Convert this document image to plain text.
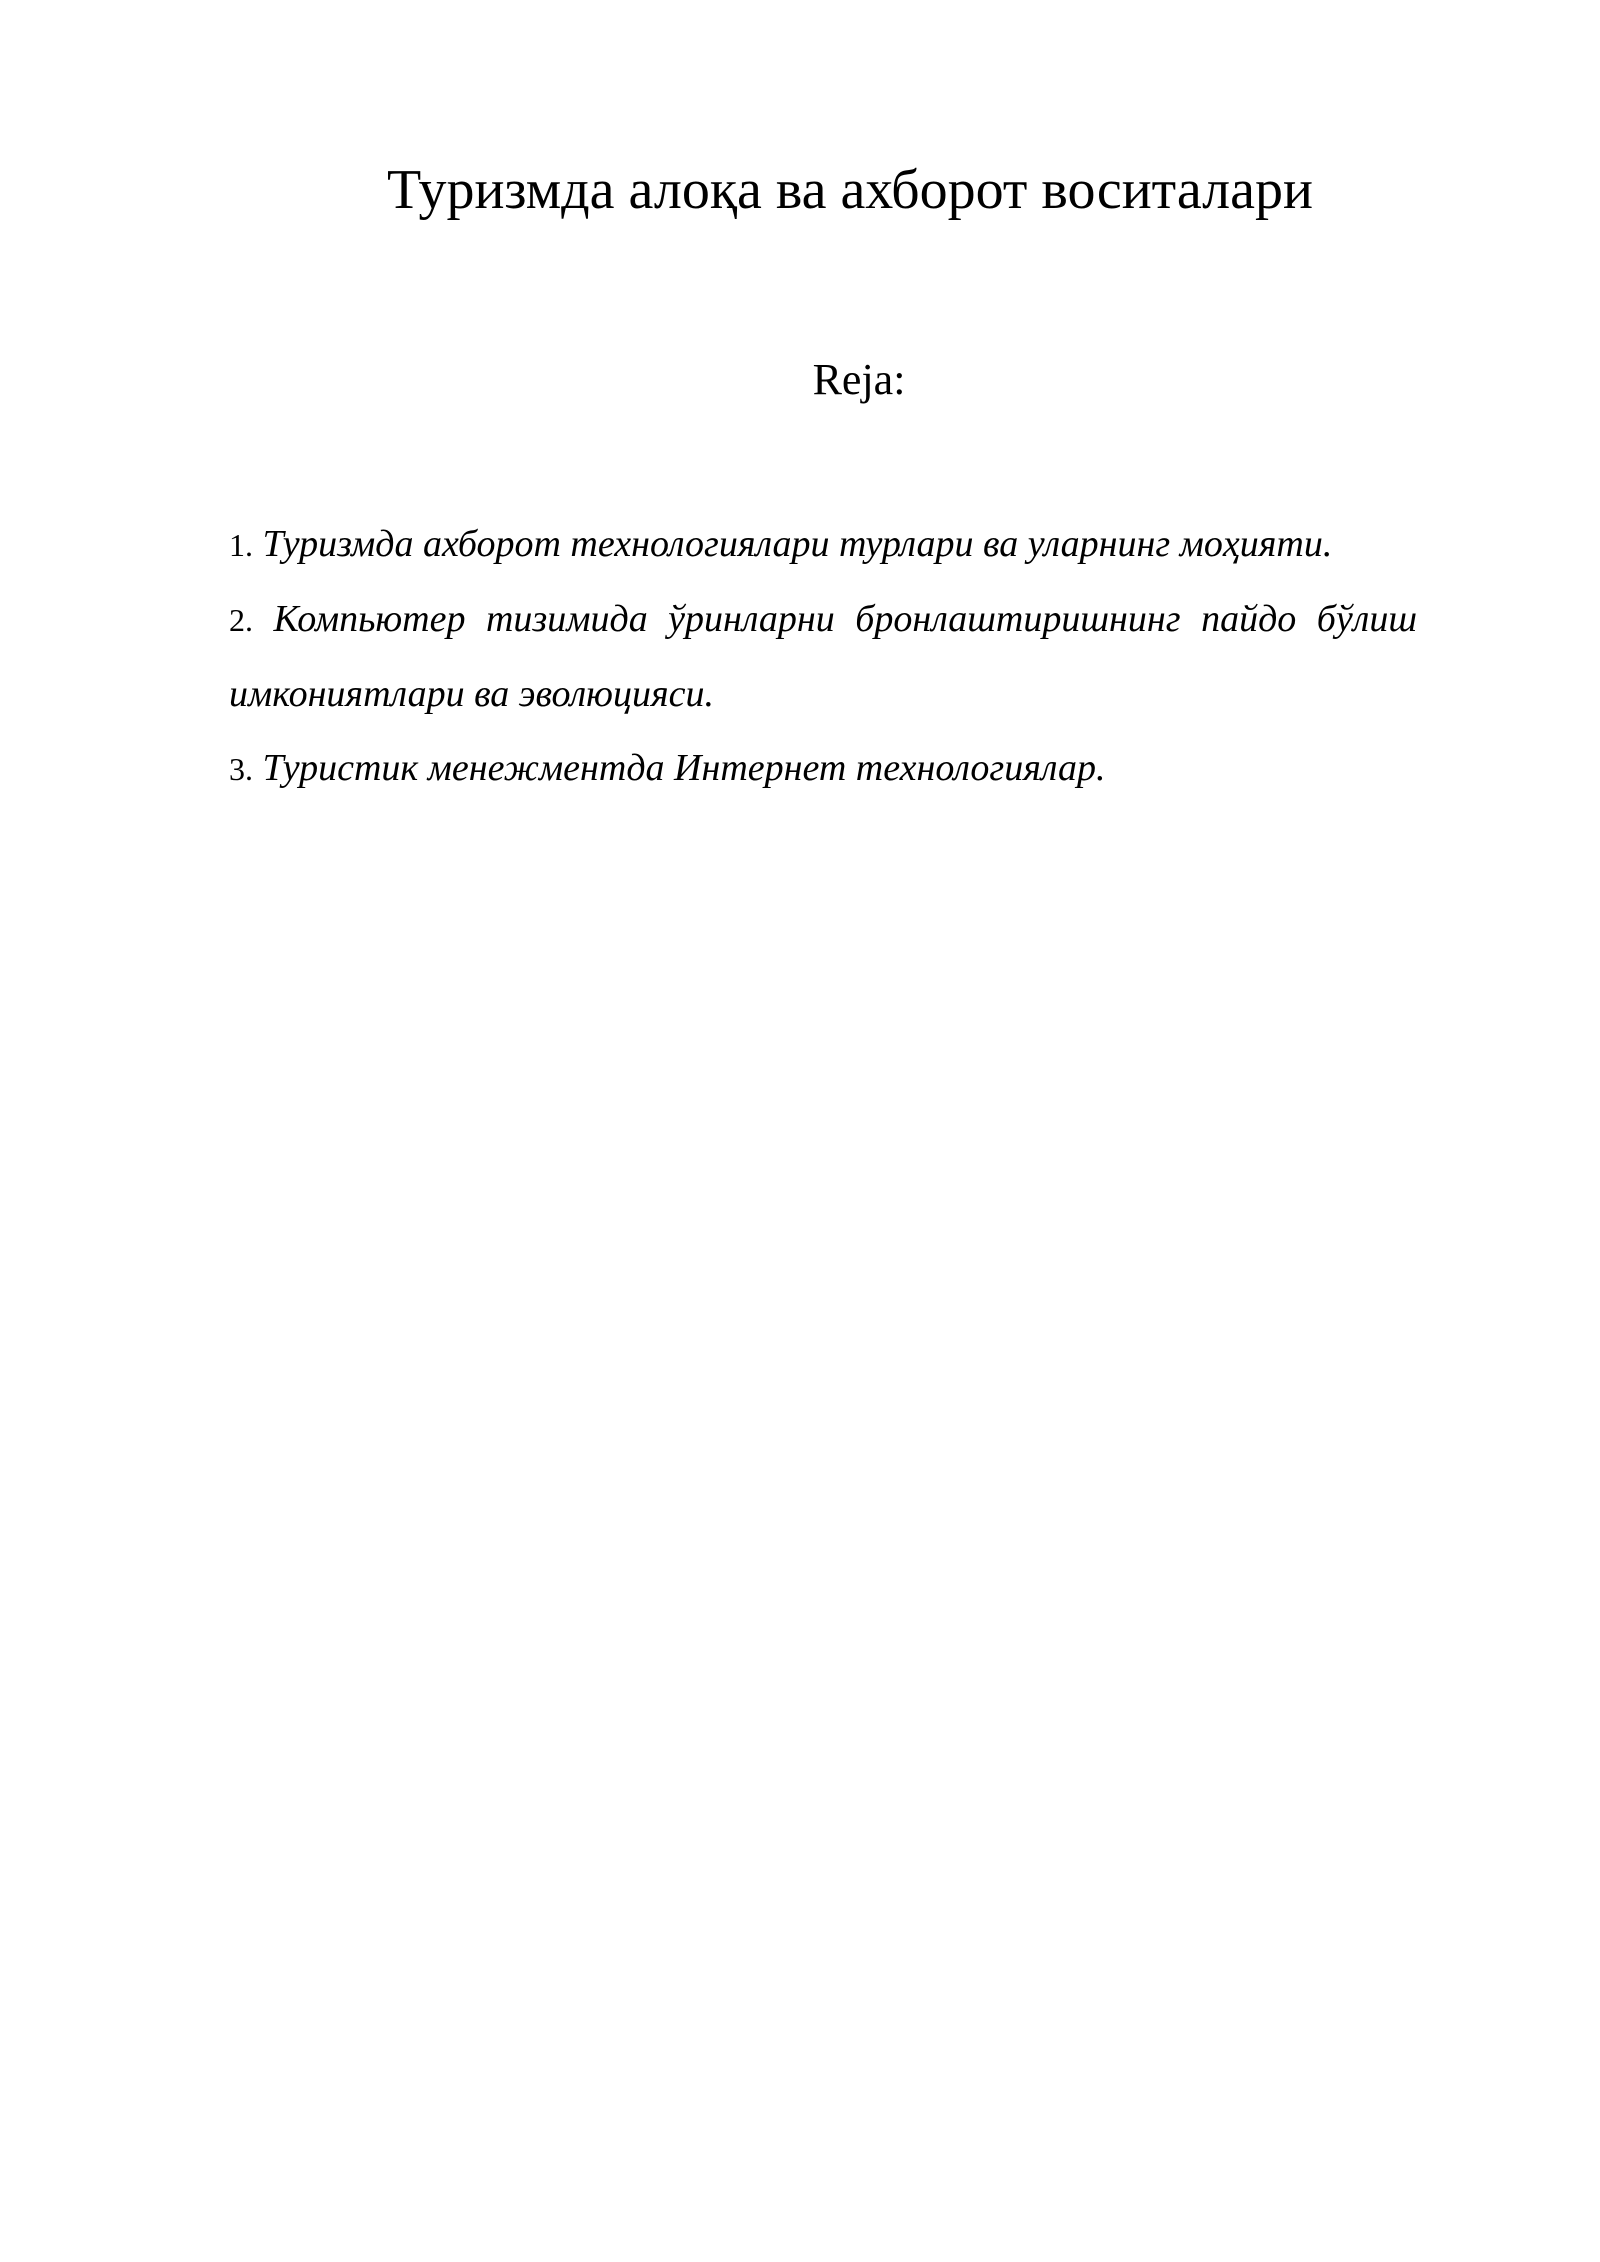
Туризмда алоқа ва ахборот воситалари

Reja:

1. Туризмда ахборот технологиялари турлари ва уларнинг моҳияти.
2. Компьютер тизимида ўринларни бронлаштиришнинг пайдо бўлиш имкониятлари ва эволюцияси.
3. Туристик менежментда Интернет технологиялар.
